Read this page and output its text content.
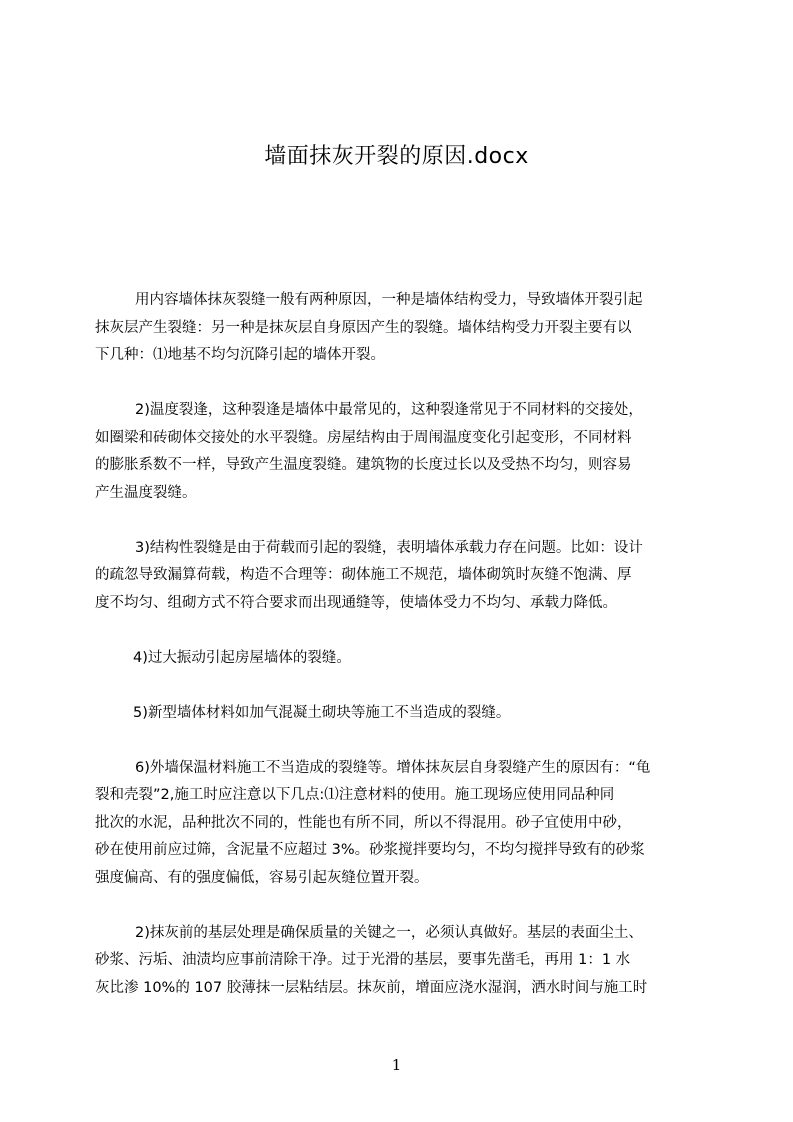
墙面抹灰开裂的原因.docx

用内容墙体抹灰裂缝一般有两种原因，一种是墙体结构受力，导致墙体开裂引起
抹灰层产生裂缝：另一种是抹灰层自身原因产生的裂缝。墙体结构受力开裂主要有以
下几种：⑴地基不均匀沉降引起的墙体开裂。

2)温度裂逢，这种裂逢是墙体中最常见的，这种裂逢常见于不同材料的交接处，
如圈梁和砖砌体交接处的水平裂缝。房屋结构由于周闱温度变化引起变形，不同材料
的膨胀系数不一样，导致产生温度裂缝。建筑物的长度过长以及受热不均匀，则容易
产生温度裂缝。

3)结构性裂缝是由于荷载而引起的裂缝，表明墙体承载力存在问题。比如：设计
的疏忽导致漏算荷载，构造不合理等：砌体施工不规范，墙体砌筑时灰缝不饱满、厚
度不均匀、组砌方式不符合要求而出现通缝等，使墙体受力不均匀、承载力降低。

4)过大振动引起房屋墙体的裂缝。

5)新型墙体材料如加气混凝土砌块等施工不当造成的裂缝。

6)外墙保温材料施工不当造成的裂缝等。增体抹灰层自身裂缝产生的原因有：“龟
裂和壳裂”2,施工时应注意以下几点:⑴注意材料的使用。施工现场应使用同品种同
批次的水泥，品种批次不同的，性能也有所不同，所以不得混用。砂子宜使用中砂，
砂在使用前应过筛，含泥量不应超过 3%。砂浆搅拌要均匀，不均匀搅拌导致有的砂浆
强度偏高、有的强度偏低，容易引起灰缝位置开裂。

2)抹灰前的基层处理是确保质量的关键之一，必须认真做好。基层的表面尘土、
砂浆、污垢、油渍均应事前清除干净。过于光滑的基层，要事先凿毛，再用 1：1 水
灰比渗 10%的 107 胶薄抹一层粘结层。抹灰前，增面应浇水湿润，洒水时间与施工时

1
